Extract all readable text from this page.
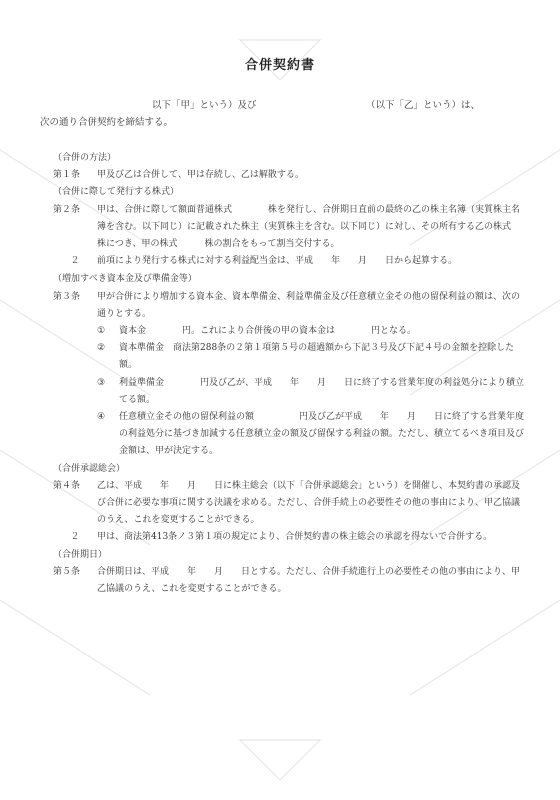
合併契約書
以下「甲」という）及び	（以下「乙」という）は、
次の通り合併契約を締結する。
（合併の方法）
第１条	甲及び乙は合併して、甲は存続し、乙は解散する。
（合併に際して発行する株式）
第２条	甲は、合併に際して額面普通株式　　　　株を発行し、合併期日直前の最終の乙の株主名簿（実質株主名簿を含む。以下同じ）に記載された株主（実質株主を含む。以下同じ）に対し、その所有する乙の株式　　　　　株につき、甲の株式　　　株の割合をもって割当交付する。
２	前項により発行する株式に対する利益配当金は、平成　　年　　月　　日から起算する。
（増加すべき資本金及び準備金等）
第３条	甲が合併により増加する資本金、資本準備金、利益準備金及び任意積立金その他の留保利益の額は、次の通りとする。
①	資本金　　　　円。これにより合併後の甲の資本金は　　　　円となる。
②	資本準備金　商法第288条の２第１項第５号の超過額から下記３号及び下記４号の金額を控除した額。
③	利益準備金　　　　円及び乙が、平成　　年　　月　　日に終了する営業年度の利益処分により積立てる額。
④	任意積立金その他の留保利益の額　　　　　円及び乙が平成　　年　　月　　日に終了する営業年度の利益処分に基づき加減する任意積立金の額及び留保する利益の額。ただし、積立てるべき項目及び金額は、甲が決定する。
（合併承認総会）
第４条	乙は、平成　　年　　月　　日に株主総会（以下「合併承認総会」という）を開催し、本契約書の承認及び合併に必要な事項に関する決議を求める。ただし、合併手続上の必要性その他の事由により、甲乙協議のうえ、これを変更することができる。
２	甲は、商法第413条ノ３第１項の規定により、合併契約書の株主総会の承認を得ないで合併する。
（合併期日）
第５条	合併期日は、平成　　年　　月　　日とする。ただし、合併手続進行上の必要性その他の事由により、甲乙協議のうえ、これを変更することができる。
